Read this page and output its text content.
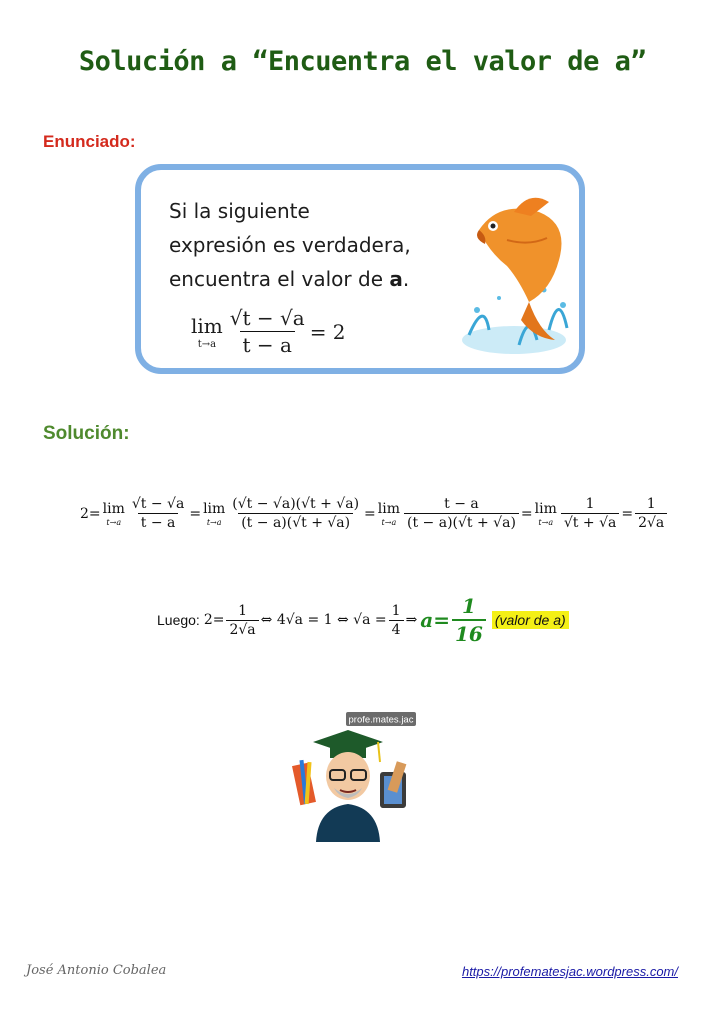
Solución a “Encuentra el valor de a”
Enunciado:
Si la siguiente
expresión es verdadera,
encuentra el valor de a.
lim
$t\to a \frac{√t - √a}{t - a} = 2$
Solución:
2= lim
$t\to a \frac{√t - √a}{t - a} = \lim$
$t\to a \frac{(√t - √a)(√t + √a)}{(t - a)(√t + √a)} = \lim$
$t\to a \frac{t - a}{(t - a)(√t + √a)} = \lim$
$t\to a \frac{1}{√t + √a} = \frac{1}{2√a}$
Luego: $2= \frac{1}{2√a}$ ⇔ 4√a = 1 ⇔ $√a = \frac{1}{4}$ ⇒ $a= \frac{1}{16}$ (valor de a)
profe.mates.jac
José Antonio Cobalea	https://profematesjac.wordpress.com/
